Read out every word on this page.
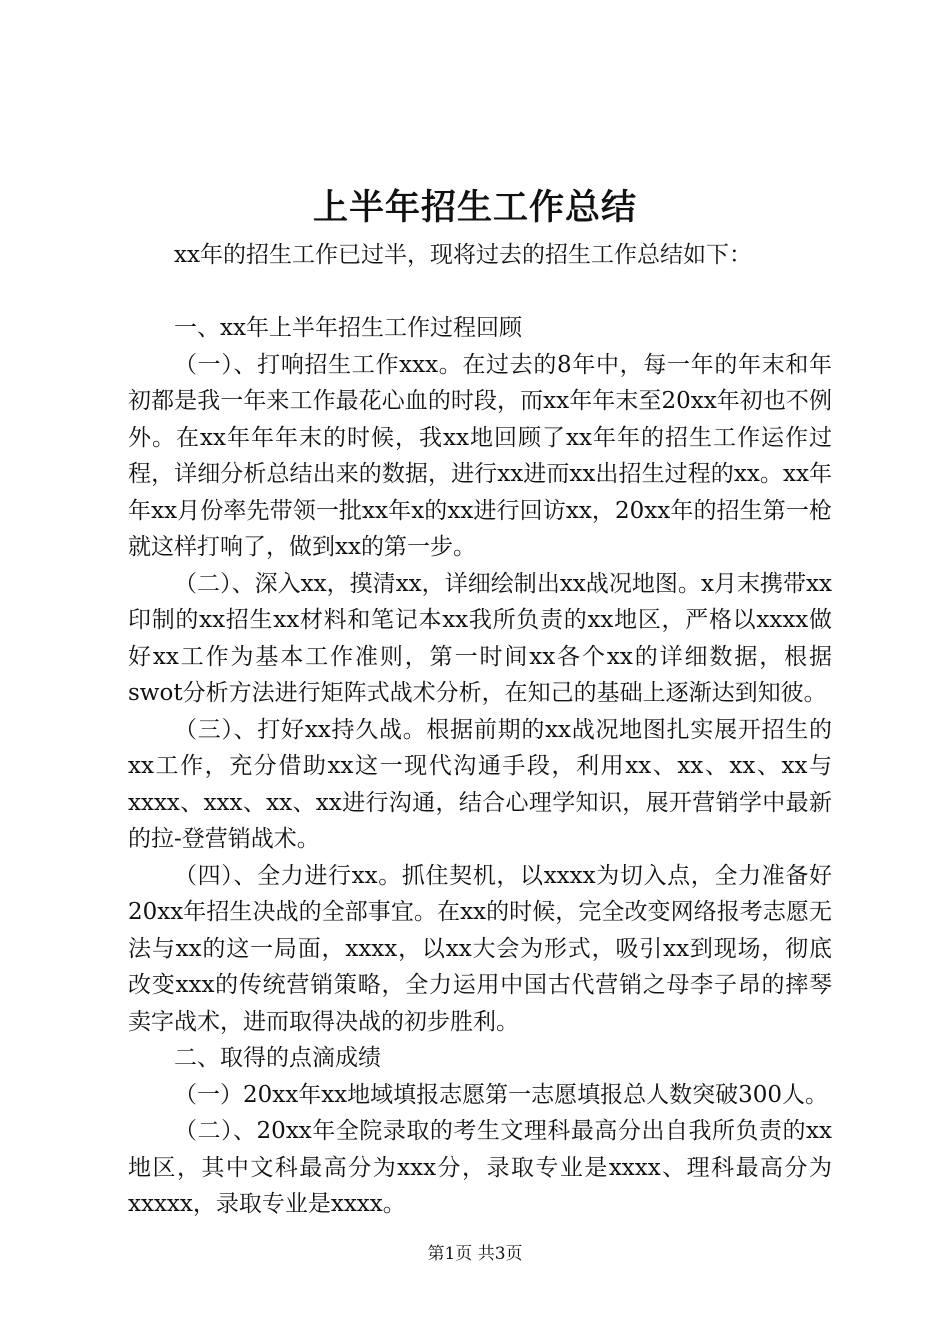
上半年招生工作总结

xx年的招生工作已过半，现将过去的招生工作总结如下：

一、xx年上半年招生工作过程回顾

（一）、打响招生工作xxx。在过去的8年中，每一年的年末和年初都是我一年来工作最花心血的时段，而xx年年末至20xx年初也不例外。在xx年年年末的时候，我xx地回顾了xx年年的招生工作运作过程，详细分析总结出来的数据，进行xx进而xx出招生过程的xx。xx年年xx月份率先带领一批xx年x的xx进行回访xx，20xx年的招生第一枪就这样打响了，做到xx的第一步。

（二）、深入xx，摸清xx，详细绘制出xx战况地图。x月末携带xx印制的xx招生xx材料和笔记本xx我所负责的xx地区，严格以xxxx做好xx工作为基本工作准则，第一时间xx各个xx的详细数据，根据swot分析方法进行矩阵式战术分析，在知己的基础上逐渐达到知彼。

（三）、打好xx持久战。根据前期的xx战况地图扎实展开招生的xx工作，充分借助xx这一现代沟通手段，利用xx、xx、xx、xx与xxxx、xxx、xx、xx进行沟通，结合心理学知识，展开营销学中最新的拉-登营销战术。

（四）、全力进行xx。抓住契机，以xxxx为切入点，全力准备好20xx年招生决战的全部事宜。在xx的时候，完全改变网络报考志愿无法与xx的这一局面，xxxx，以xx大会为形式，吸引xx到现场，彻底改变xxx的传统营销策略，全力运用中国古代营销之母李子昂的摔琴卖字战术，进而取得决战的初步胜利。

二、取得的点滴成绩

（一）20xx年xx地域填报志愿第一志愿填报总人数突破300人。

（二）、20xx年全院录取的考生文理科最高分出自我所负责的xx地区，其中文科最高分为xxx分，录取专业是xxxx、理科最高分为xxxxx，录取专业是xxxx。

第1页 共3页
